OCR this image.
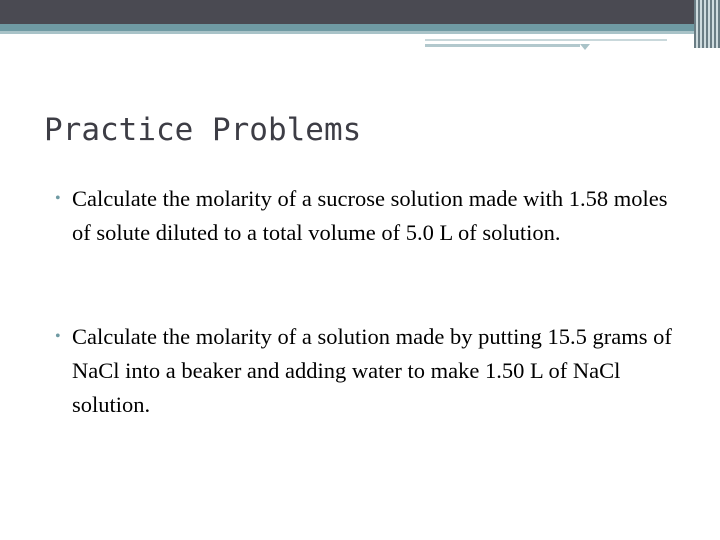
Practice Problems
• Calculate the molarity of a sucrose solution made with 1.58 moles of solute diluted to a total volume of 5.0 L of solution.
• Calculate the molarity of a solution made by putting 15.5 grams of NaCl into a beaker and adding water to make 1.50 L of NaCl solution.
